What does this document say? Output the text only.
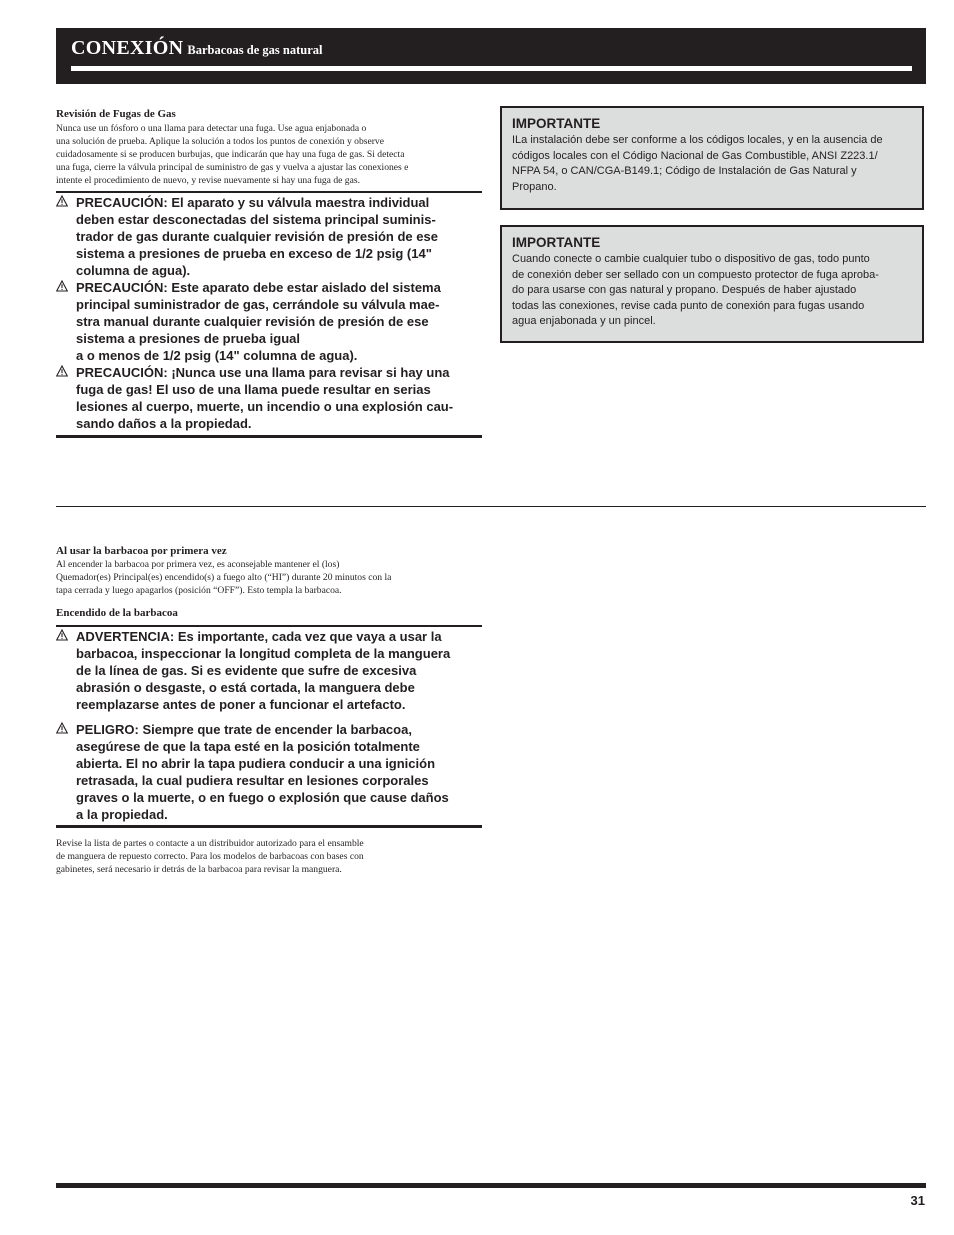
CONEXIÓN Barbacoas de gas natural
Revisión de Fugas de Gas
Nunca use un fósforo o una llama para detectar una fuga. Use agua enjabonada o
una solución de prueba. Aplique la solución a todos los puntos de conexión y observe
cuidadosamente si se producen burbujas, que indicarán que hay una fuga de gas. Si detecta
una fuga, cierre la válvula principal de suministro de gas y vuelva a ajustar las conexiones e
intente el procedimiento de nuevo, y revise nuevamente si hay una fuga de gas.
PRECAUCIÓN: El aparato y su válvula maestra individual
deben estar desconectadas del sistema principal suminis-
trador de gas durante cualquier revisión de presión de ese
sistema a presiones de prueba en exceso de 1/2 psig (14"
columna de agua).
PRECAUCIÓN: Este aparato debe estar aislado del sistema
principal suministrador de gas, cerrándole su válvula mae-
stra manual durante cualquier revisión de presión de ese
sistema a presiones de prueba igual
a o menos de 1/2 psig (14" columna de agua).
PRECAUCIÓN: ¡Nunca use una llama para revisar si hay una
fuga de gas! El uso de una llama puede resultar en serias
lesiones al cuerpo, muerte, un incendio o una explosión cau-
sando daños a la propiedad.
IMPORTANTE
ILa instalación debe ser conforme a los códigos locales, y en la ausencia de
códigos locales con el Código Nacional de Gas Combustible, ANSI Z223.1/
NFPA 54, o CAN/CGA-B149.1; Código de Instalación de Gas Natural y
Propano.
IMPORTANTE
Cuando conecte o cambie cualquier tubo o dispositivo de gas, todo punto
de conexión deber ser sellado con un compuesto protector de fuga aproba-
do para usarse con gas natural y propano. Después de haber ajustado
todas las conexiones, revise cada punto de conexión para fugas usando
agua enjabonada y un pincel.
Al usar la barbacoa por primera vez
Al encender la barbacoa por primera vez, es aconsejable mantener el (los)
Quemador(es) Principal(es) encendido(s) a fuego alto (“HI”) durante 20 minutos con la
tapa cerrada y luego apagarlos (posición “OFF”). Esto templa la barbacoa.
Encendido de la barbacoa
ADVERTENCIA: Es importante, cada vez que vaya a usar la
barbacoa, inspeccionar la longitud completa de la manguera
de la línea de gas. Si es evidente que sufre de excesiva
abrasión o desgaste, o está cortada, la manguera debe
reemplazarse antes de poner a funcionar el artefacto.
PELIGRO: Siempre que trate de encender la barbacoa,
asegúrese de que la tapa esté en la posición totalmente
abierta. El no abrir la tapa pudiera conducir a una ignición
retrasada, la cual pudiera resultar en lesiones corporales
graves o la muerte, o en fuego o explosión que cause daños
a la propiedad.
Revise la lista de partes o contacte a un distribuidor autorizado para el ensamble
de manguera de repuesto correcto. Para los modelos de barbacoas con bases con
gabinetes, será necesario ir detrás de la barbacoa para revisar la manguera.
31
